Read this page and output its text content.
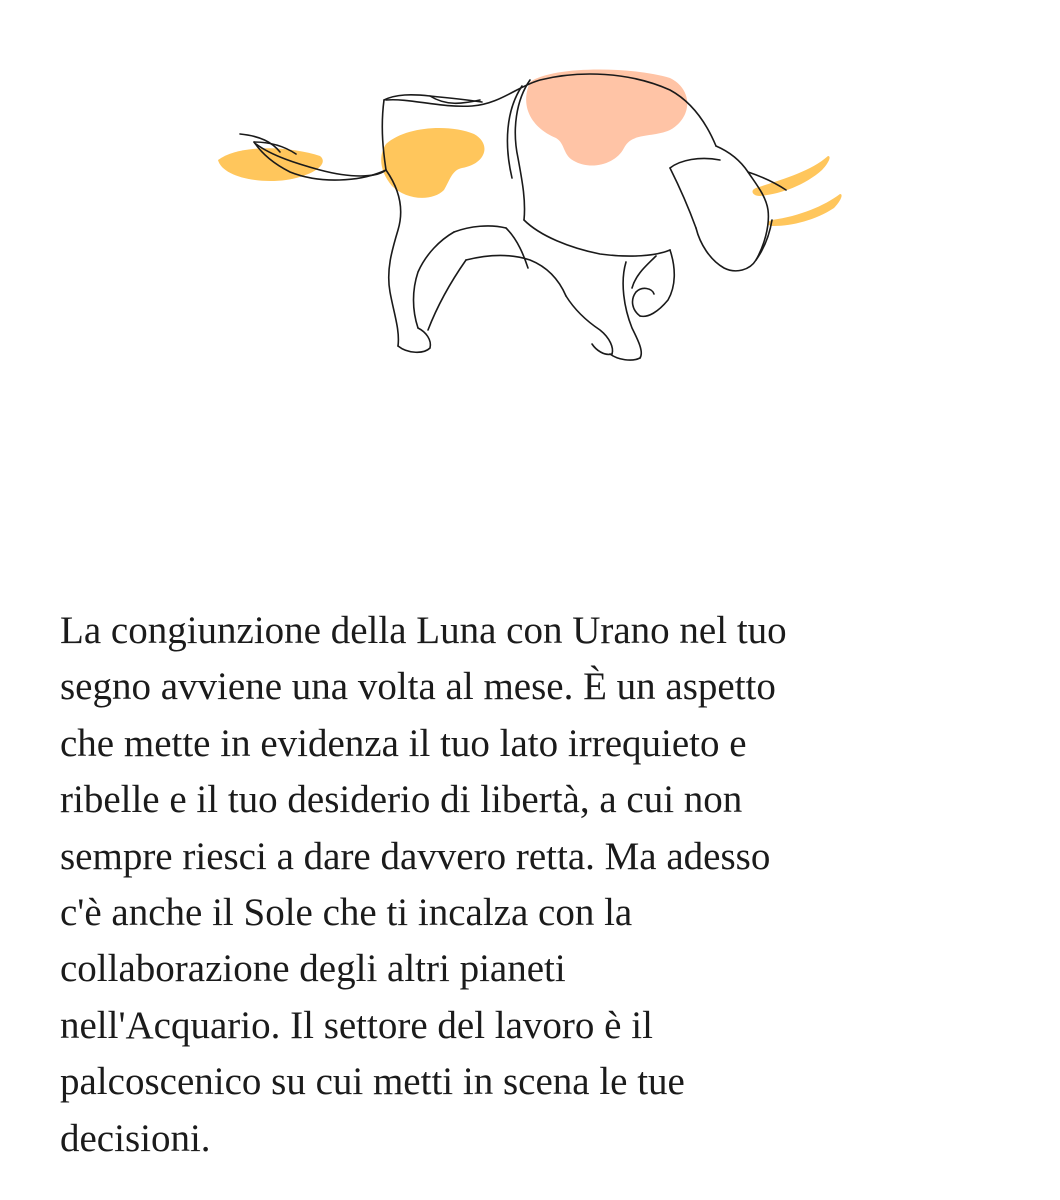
La congiunzione della Luna con Urano nel tuo
segno avviene una volta al mese. È un aspetto
che mette in evidenza il tuo lato irrequieto e
ribelle e il tuo desiderio di libertà, a cui non
sempre riesci a dare davvero retta. Ma adesso
c'è anche il Sole che ti incalza con la
collaborazione degli altri pianeti
nell'Acquario. Il settore del lavoro è il
palcoscenico su cui metti in scena le tue
decisioni.
